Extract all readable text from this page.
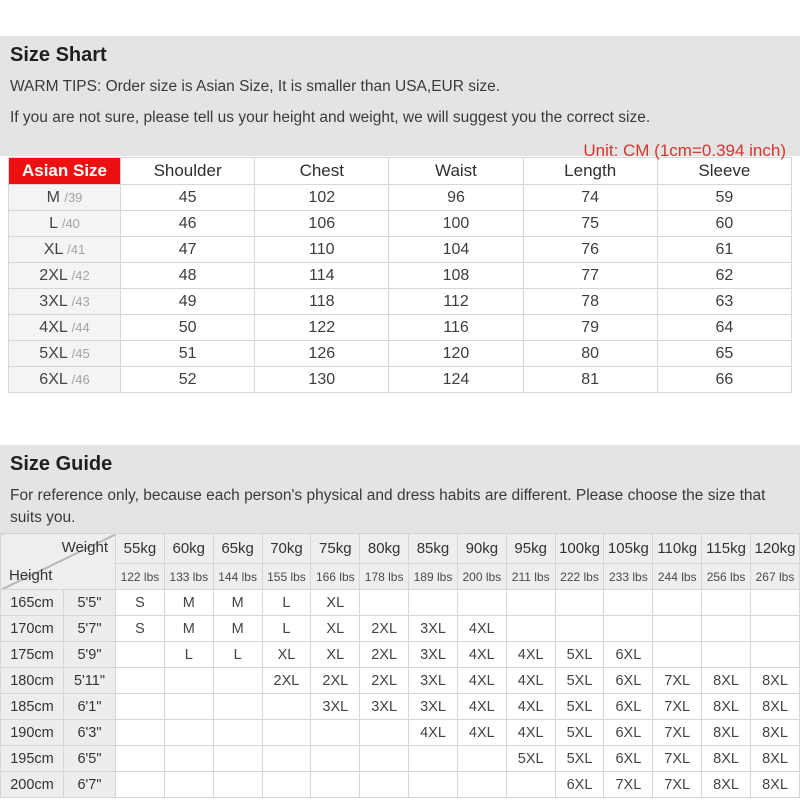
Size Shart

WARM TIPS: Order size is Asian Size, It is smaller than USA,EUR size.

If you are not sure, please tell us your height and weight, we will suggest you the correct size.

Unit: CM (1cm=0.394 inch)

Asian Size	Shoulder	Chest	Waist	Length	Sleeve
M /39	45	102	96	74	59
L /40	46	106	100	75	60
XL /41	47	110	104	76	61
2XL /42	48	114	108	77	62
3XL /43	49	118	112	78	63
4XL /44	50	122	116	79	64
5XL /45	51	126	120	80	65
6XL /46	52	130	124	81	66
Size Guide

For reference only, because each person's physical and dress habits are different. Please choose the size that suits you.

Weight
Height		55kg	60kg	65kg	70kg	75kg	80kg	85kg	90kg	95kg	100kg	105kg	110kg	115kg	120kg
		122 lbs	133 lbs	144 lbs	155 lbs	166 lbs	178 lbs	189 lbs	200 lbs	211 lbs	222 lbs	233 lbs	244 lbs	256 lbs	267 lbs
165cm	5'5"	S	M	M	L	XL									
170cm	5'7"	S	M	M	L	XL	2XL	3XL	4XL						
175cm	5'9"		L	L	XL	XL	2XL	3XL	4XL	4XL	5XL	6XL			
180cm	5'11"				2XL	2XL	2XL	3XL	4XL	4XL	5XL	6XL	7XL	8XL	8XL
185cm	6'1"					3XL	3XL	3XL	4XL	4XL	5XL	6XL	7XL	8XL	8XL
190cm	6'3"							4XL	4XL	4XL	5XL	6XL	7XL	8XL	8XL
195cm	6'5"									5XL	5XL	6XL	7XL	8XL	8XL
200cm	6'7"										6XL	7XL	7XL	8XL	8XL
